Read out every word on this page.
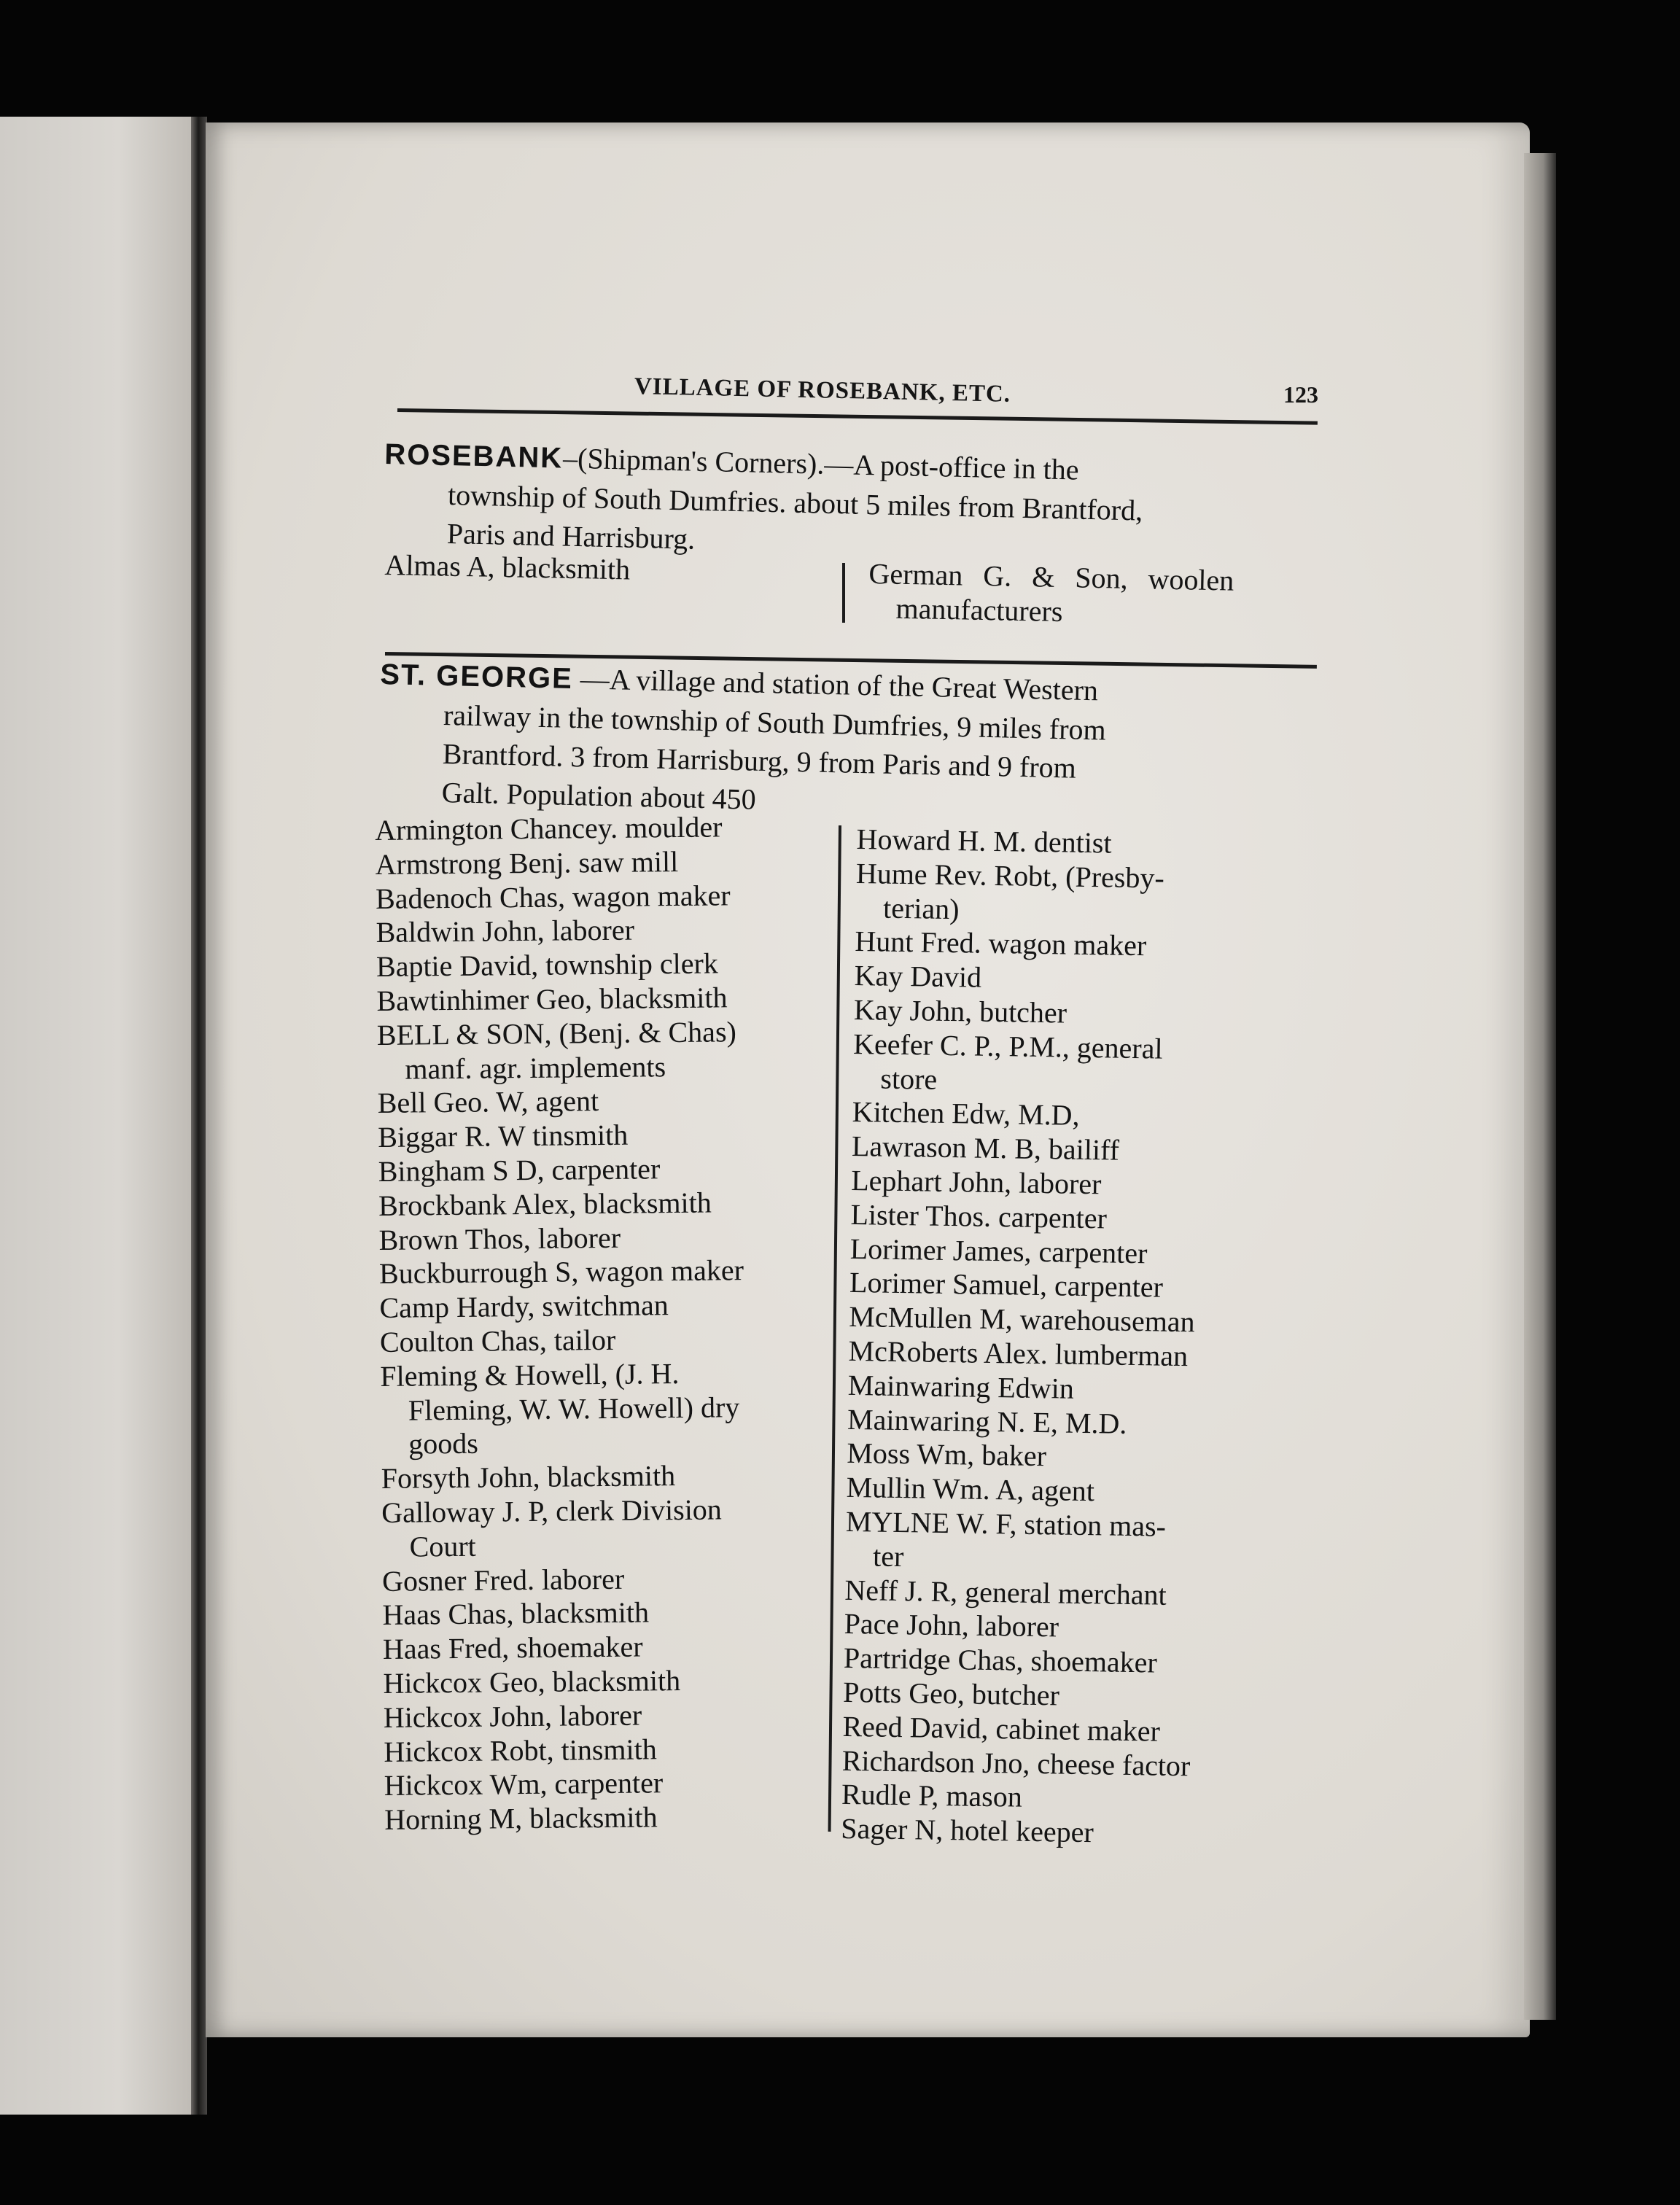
VILLAGE OF ROSEBANK, ETC.	123
ROSEBANK–(Shipman's Corners).—A post-office in the
township of South Dumfries. about 5 miles from Brantford,
Paris and Harrisburg.
Almas A, blacksmith	German G. & Son, woolen
manufacturers
ST. GEORGE —A village and station of the Great Western
railway in the township of South Dumfries, 9 miles from
Brantford. 3 from Harrisburg, 9 from Paris and 9 from
Galt. Population about 450
Armington Chancey. moulder
Armstrong Benj. saw mill
Badenoch Chas, wagon maker
Baldwin John, laborer
Baptie David, township clerk
Bawtinhimer Geo, blacksmith
BELL & SON, (Benj. & Chas)
manf. agr. implements
Bell Geo. W, agent
Biggar R. W tinsmith
Bingham S D, carpenter
Brockbank Alex, blacksmith
Brown Thos, laborer
Buckburrough S, wagon maker
Camp Hardy, switchman
Coulton Chas, tailor
Fleming & Howell, (J. H.
Fleming, W. W. Howell) dry
goods
Forsyth John, blacksmith
Galloway J. P, clerk Division
Court
Gosner Fred. laborer
Haas Chas, blacksmith
Haas Fred, shoemaker
Hickcox Geo, blacksmith
Hickcox John, laborer
Hickcox Robt, tinsmith
Hickcox Wm, carpenter
Horning M, blacksmith
Howard H. M. dentist
Hume Rev. Robt, (Presby-
terian)
Hunt Fred. wagon maker
Kay David
Kay John, butcher
Keefer C. P., P.M., general
store
Kitchen Edw, M.D,
Lawrason M. B, bailiff
Lephart John, laborer
Lister Thos. carpenter
Lorimer James, carpenter
Lorimer Samuel, carpenter
McMullen M, warehouseman
McRoberts Alex. lumberman
Mainwaring Edwin
Mainwaring N. E, M.D.
Moss Wm, baker
Mullin Wm. A, agent
MYLNE W. F, station mas-
ter
Neff J. R, general merchant
Pace John, laborer
Partridge Chas, shoemaker
Potts Geo, butcher
Reed David, cabinet maker
Richardson Jno, cheese factor
Rudle P, mason
Sager N, hotel keeper
